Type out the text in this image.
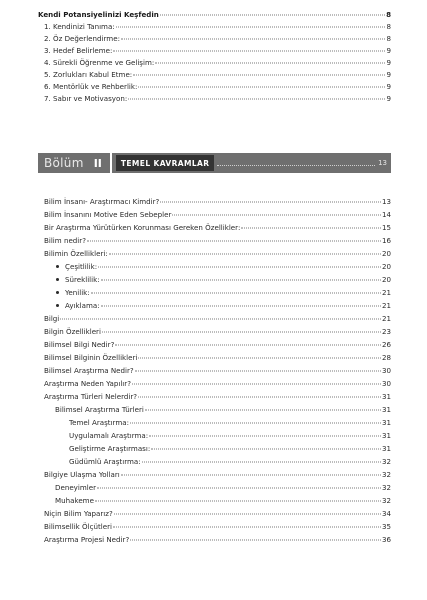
Kendi Potansiyelinizi Keşfedin	8
1. Kendinizi Tanıma:	8
2. Öz Değerlendirme:	8
3. Hedef Belirleme:	9
4. Sürekli Öğrenme ve Gelişim:	9
5. Zorlukları Kabul Etme:	9
6. Mentörlük ve Rehberlik:	9
7. Sabır ve Motivasyon:	9
Bölüm II	TEMEL KAVRAMLAR	13
Bilim İnsanı- Araştırmacı Kimdir?	13
Bilim İnsanını Motive Eden Sebepler	14
Bir Araştırma Yürütürken Korunması Gereken Özellikler:	15
Bilim nedir?	16
Bilimin Özellikleri:	20
Çeşitlilik:	20
Süreklilik:	20
Yenilik:	21
Ayıklama:	21
Bilgi	21
Bilgin Özellikleri	23
Bilimsel Bilgi Nedir?	26
Bilimsel Bilginin Özellikleri	28
Bilimsel Araştırma Nedir?	30
Araştırma Neden Yapılır?	30
Araştırma Türleri Nelerdir?	31
Bilimsel Araştırma Türleri	31
Temel Araştırma:	31
Uygulamalı Araştırma:	31
Geliştirme Araştırması:	31
Güdümlü Araştırma:	32
Bilgiye Ulaşma Yolları	32
Deneyimler	32
Muhakeme	32
Niçin Bilim Yaparız?	34
Bilimsellik Ölçütleri	35
Araştırma Projesi Nedir?	36
